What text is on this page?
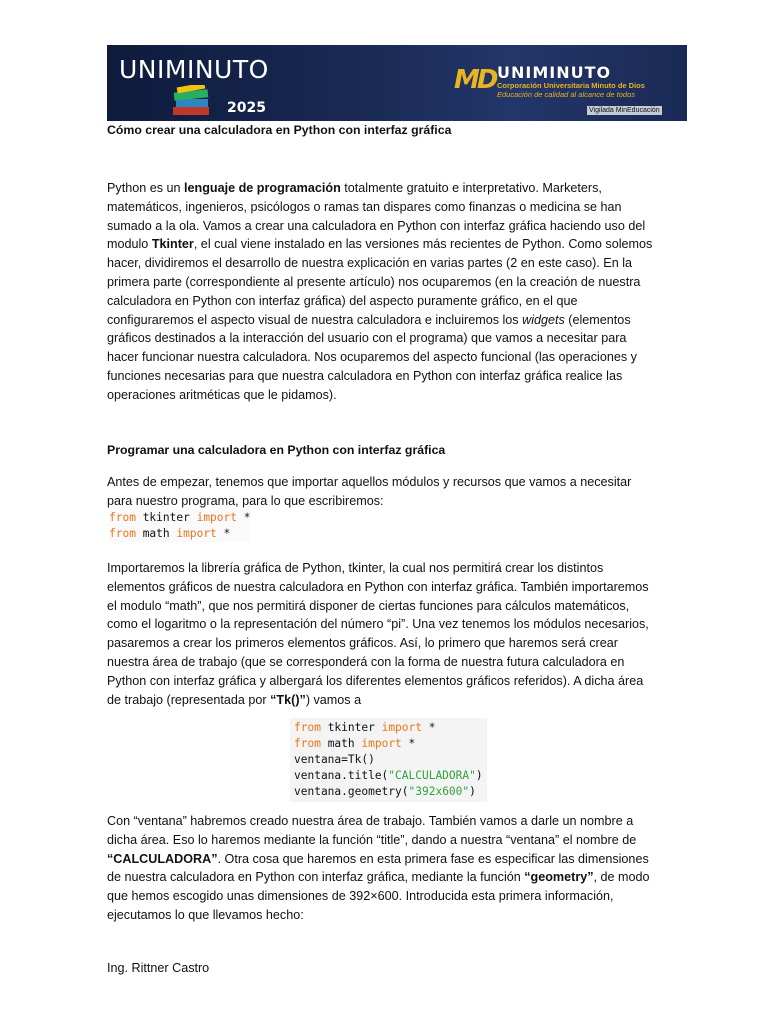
UNIMINUTO
2025
MD UNIMINUTO
Corporación Universitaria Minuto de Dios
Educación de calidad al alcance de todos
Vigilada MinEducación
Cómo crear una calculadora en Python con interfaz gráfica

Python es un lenguaje de programación totalmente gratuito e interpretativo. Marketers, matemáticos, ingenieros, psicólogos o ramas tan dispares como finanzas o medicina se han sumado a la ola. Vamos a crear una calculadora en Python con interfaz gráfica haciendo uso del modulo Tkinter, el cual viene instalado en las versiones más recientes de Python. Como solemos hacer, dividiremos el desarrollo de nuestra explicación en varias partes (2 en este caso). En la primera parte (correspondiente al presente artículo) nos ocuparemos (en la creación de nuestra calculadora en Python con interfaz gráfica) del aspecto puramente gráfico, en el que configuraremos el aspecto visual de nuestra calculadora e incluiremos los widgets (elementos gráficos destinados a la interacción del usuario con el programa) que vamos a necesitar para hacer funcionar nuestra calculadora. Nos ocuparemos del aspecto funcional (las operaciones y funciones necesarias para que nuestra calculadora en Python con interfaz gráfica realice las operaciones aritméticas que le pidamos).

Programar una calculadora en Python con interfaz gráfica

Antes de empezar, tenemos que importar aquellos módulos y recursos que vamos a necesitar para nuestro programa, para lo que escribiremos:

from tkinter import *
from math import *

Importaremos la librería gráfica de Python, tkinter, la cual nos permitirá crear los distintos elementos gráficos de nuestra calculadora en Python con interfaz gráfica. También importaremos el modulo “math”, que nos permitirá disponer de ciertas funciones para cálculos matemáticos, como el logaritmo o la representación del número “pi”. Una vez tenemos los módulos necesarios, pasaremos a crear los primeros elementos gráficos. Así, lo primero que haremos será crear nuestra área de trabajo (que se corresponderá con la forma de nuestra futura calculadora en Python con interfaz gráfica y albergará los diferentes elementos gráficos referidos). A dicha área de trabajo (representada por “Tk()”) vamos a

from tkinter import *
from math import *
ventana=Tk()
ventana.title("CALCULADORA")
ventana.geometry("392x600")

Con “ventana” habremos creado nuestra área de trabajo. También vamos a darle un nombre a dicha área. Eso lo haremos mediante la función “title”, dando a nuestra “ventana” el nombre de “CALCULADORA”. Otra cosa que haremos en esta primera fase es especificar las dimensiones de nuestra calculadora en Python con interfaz gráfica, mediante la función “geometry”, de modo que hemos escogido unas dimensiones de 392×600. Introducida esta primera información, ejecutamos lo que llevamos hecho:

Ing. Rittner Castro
